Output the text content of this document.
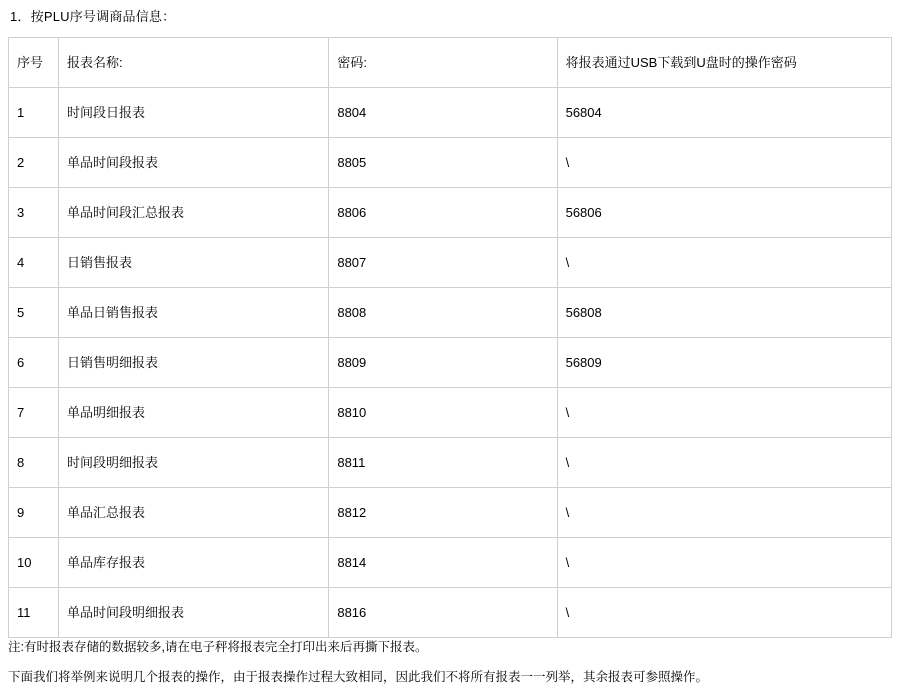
1．按PLU序号调商品信息：
序号	报表名称:	密码:	将报表通过USB下载到U盘时的操作密码
1	时间段日报表	8804	56804
2	单品时间段报表	8805	\
3	单品时间段汇总报表	8806	56806
4	日销售报表	8807	\
5	单品日销售报表	8808	56808
6	日销售明细报表	8809	56809
7	单品明细报表	8810	\
8	时间段明细报表	8811	\
9	单品汇总报表	8812	\
10	单品库存报表	8814	\
11	单品时间段明细报表	8816	\
注:有时报表存储的数据较多,请在电子秤将报表完全打印出来后再撕下报表。
下面我们将举例来说明几个报表的操作，由于报表操作过程大致相同，因此我们不将所有报表一一列举，其余报表可参照操作。
